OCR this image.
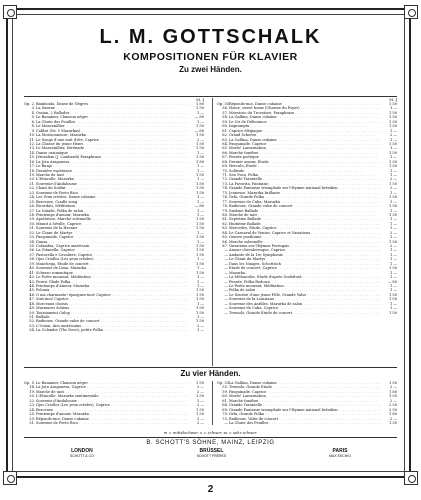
L. M. GOTTSCHALK
KOMPOSITIONEN FÜR KLAVIER
Zu zwei Händen.
M. ₰
Op. 2. Bamboula, Danse de Nègres . . .	1 80
3. La Savane . . .	1 50
4. Ossian, 2 Ballades . . .	1 —
5. Le Bananier, Chanson nègre . . .	— 80
6. La Chute des Feuilles . . .	1 —
8. Le Mancenillier . . .	1 50
9. Colibri (Nr. 5 Mazurkas) . . .	— 60
10. La Moissonneuse, Mazurka . . .	1 50
11. Le Songe d'une nuit d'été, Caprice . . .	2 —
12. La Chasse du jeune Henri . . .	1 50
13. Le Mancenillier, Sérénade . . .	1 50
14. Danse ossianique . . .	1 —
15. Jérusalem (J. Lombardi) Paraphrase . . .	1 50
16. La Jota Aragonesa . . .	1 80
17. Le Banjo . . .	1 —
18. Dernière espérance . . .	1 —
19. Marche de nuit . . .	1 50
20. L'Etincelle, Mazurka . . .	1 —
21. Souvenir d'Andalousie . . .	1 50
22. Chant du Soldat . . .	1 50
23. Souvenir de Porto Rico . . .	1 50
24. Les Yeux créoles, Danse cubaine . . .	1 —
25. Berceuse, Cradle song . . .	1 —
26. Ricordati, Méditation . . .	— 80
27. La Naïade, Polka de salon . . .	1 —
28. Printemps d'amour, Mazurka . . .	1 —
29. Apothéose, Marche solennelle . . .	1 50
30. Minuit à Séville, Caprice . . .	1 50
31. Souvenir de la Havane . . .	1 50
32. Le Chant du Martyr . . .	1 —
33. Pasquinade, Caprice . . .	1 50
34. Danza . . .	1 —
35. Columbia, Caprice américain . . .	1 50
36. La Gitanella, Caprice . . .	1 50
37. Pastorella e Cavaliere, Caprice . . .	1 50
38. Ojos Criollos (Les yeux créoles) . . .	1 —
39. Manchega, Etude de concert . . .	1 50
40. Souvenir de Lima, Mazurka . . .	1 —
41. Scherzo romantique . . .	1 50
42. Le Poëte mourant, Méditation . . .	1 —
43. Forest Glade Polka . . .	1 —
44. Printemps d'Amour, Mazurka . . .	1 —
45. Polonia . . .	1 50
46. O ma charmante! épargnez-moi! Caprice . . .	1 50
47. Suis-moi! Caprice . . .	1 50
48. Morceaux choisis . . .	1 —
49. Murmures éoliens . . .	1 50
50. Tournament Galop . . .	1 50
51. Ballade . . .	1 —
52. Radieuse, Grande valse de concert . . .	1 50
53. L'Union, Airs américains . . .	2 —
54. La Colombe (The Dove), petite Polka . . .	1 —
M. ₰
Op. 55.
Réponds-moi, Danse cubaine . . .	1 50
56. Home, sweet home (Charme du Foyer) . . .	1 —
57. Maestoso du Trovatore, Paraphrase . . .	1 50
58. La Gallina, Danse cubaine . . .	1 50
59. Le Cri de Délivrance . . .	1 50
60. Impromptu . . .	1 50
61. Caprice élégiaque . . .	1 —
62. Grand Scherzo . . .	2 —
63. La Gallina, Danse cubaine . . .	1 —
64. Pasquinade, Caprice . . .	1 50
65. Morte! Lamentation . . .	1 —
66. Marche funèbre . . .	1 50
67. Pensée poétique . . .	1 —
68. Dernier amour, Etude . . .	1 50
69. Hercule, Etude . . .	1 50
70. Solitude . . .	1 —
71. Sea Yvon, Polka . . .	1 —
72. Grande Tarantelle . . .	2 —
73. La Favorita, Fantaisie . . .	1 50
74. Grande Fantaisie triomphale sur l'Hymne national brésilien . . .	2 —
75. Jeunesse, Mazurka brillante . . .	1 —
76. Orfa, Grande Polka . . .	1 50
77. Souvenir de Cuba, Mazurka . . .	1 —
78. Radieuse, Grande valse de concert . . .	1 50
79. Sixième Ballade . . .	1 —
80. Marche de nuit . . .	1 50
81. Septième Ballade . . .	1 —
82. Huitième Ballade . . .	1 —
83. Mercedes, Etude, Caprice . . .	1 —
84. Le Carnaval de Venise, Caprice et Variations . . .	2 —
85. Oeuvre posthume . . .	1 —
86. Marche solennelle . . .	1 50
87. Variations sur l'Hymne Portugais . . .	2 —
— Amour chevaleresque, Caprice . . .	1 —
— Andante de la 1re Symphonie . . .	1 —
— Le Chant du Martyr . . .	1 —
— Dans les Nuages, Schottisch . . .	1 —
— Etude de concert, Caprice . . .	1 50
— Mazurka . . .	1 —
— La Mélancolie, Etude d'après Godefroid . . .	1 —
— Pensée, Polka-Redowa . . .	— 80
— Le Poëte mourant, Méditation . . .	1 —
— Polka de salon . . .	1 —
— Le Sourire d'une jeune Fille, Grande Valse . . .	1 50
— Souvenir de la Louisiane . . .	1 50
— Souvenir des Antilles, Mazurka de salon . . .	1 —
— Souvenir de Cuba, Caprice . . .	1 —
— Tremolo, Grande Etude de concert . . .	1 50
Zu vier Händen.
Op. 5. Le Bananier, Chanson nègre . . .	1 50
14. La Jota Aragonesa, Caprice . . .	2 —
19. Marche de nuit . . .	2 —
20. L'Etincelle, Mazurka sentimentale . . .	1 50
22. Souvenir d'Andalousie . . .	2 —
23. Ojos Criollos (Les yeux créoles), Caprice . . .	2 —
24. Berceuse . . .	1 50
25. Printemps d'amour, Mazurka . . .	1 50
29. Réponds-moi, Danse cubaine . . .	2 —
31. Souvenir de Porto Rico . . .	2 —
Op. 53.
La Gallina, Danse cubaine . . .	1 50
55. Tremolo, Grande Etude . . .	2 —
59. Pasquinade, Caprice . . .	1 80
60. Morte! Lamentation . . .	1 50
61. Marche funèbre . . .	2 —
64. Grande Tarantelle . . .	2 50
69. Grande Fantaisie triomphale sur l'Hymne national brésilien . . .	2 50
70. Orfa, Grande Polka . . .	1 80
73. Radieuse, Valse de concert . . .	2 —
— La Chute des Feuilles . . .	1 50
m = mittelschwer, s = schwer, ss = sehr schwer.
B. SCHOTT'S SÖHNE, MAINZ, LEIPZIG
LONDON
SCHOTT & CO
BRÜSSEL
SCHOTT FRÈRES
PARIS
MAX ESCHIG
2
